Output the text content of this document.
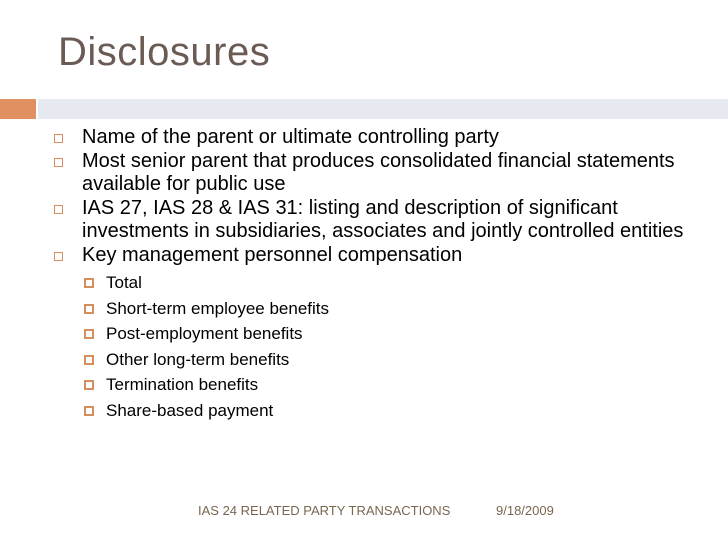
Disclosures
Name of the parent or ultimate controlling party
Most senior parent that produces consolidated financial statements available for public use
IAS 27, IAS 28 & IAS 31: listing and description of significant investments in subsidiaries, associates and jointly controlled entities
Key management personnel compensation
Total
Short-term employee benefits
Post-employment benefits
Other long-term benefits
Termination benefits
Share-based payment
IAS 24 RELATED PARTY TRANSACTIONS	9/18/2009
